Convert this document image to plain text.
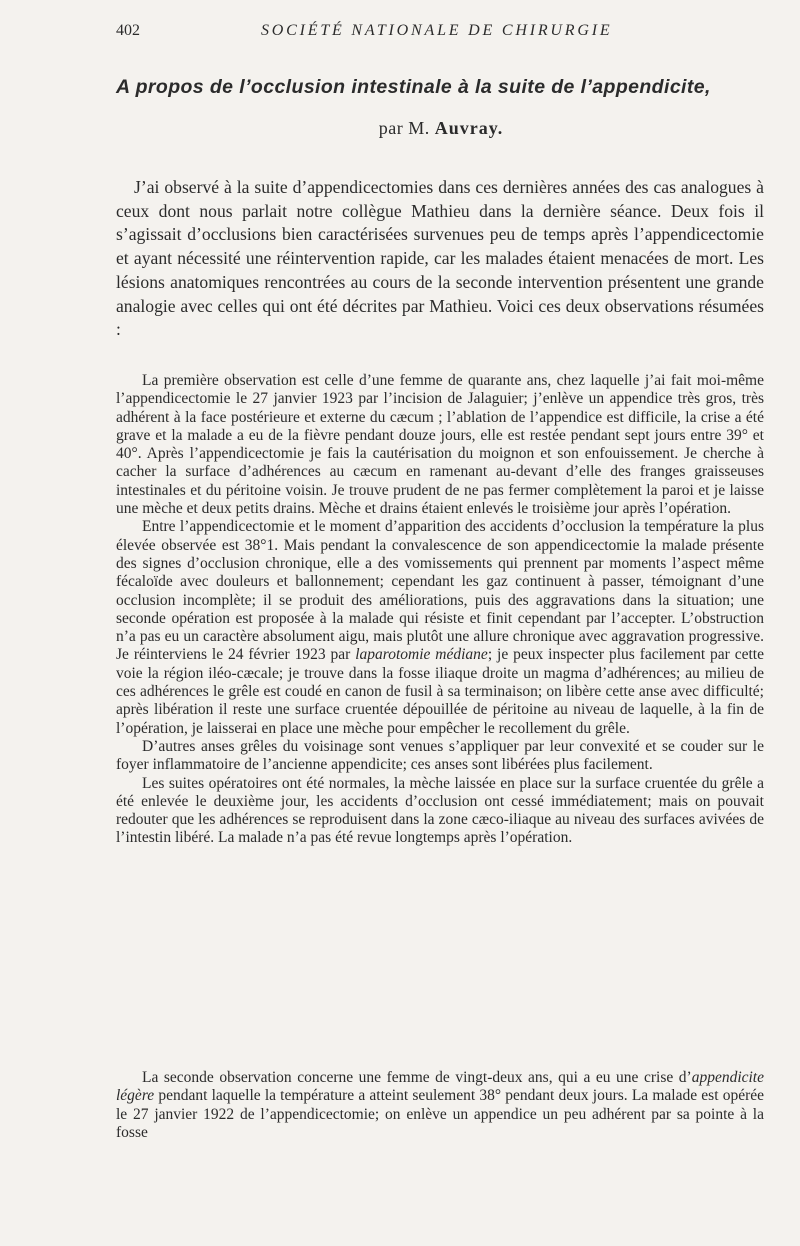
402	SOCIÉTÉ NATIONALE DE CHIRURGIE
A propos de l’occlusion intestinale à la suite de l’appendicite,
par M. Auvray.
J’ai observé à la suite d’appendicectomies dans ces dernières années des cas analogues à ceux dont nous parlait notre collègue Mathieu dans la dernière séance. Deux fois il s’agissait d’occlusions bien caractérisées survenues peu de temps après l’appendicectomie et ayant nécessité une réintervention rapide, car les malades étaient menacées de mort. Les lésions anatomiques rencontrées au cours de la seconde intervention présentent une grande analogie avec celles qui ont été décrites par Mathieu. Voici ces deux observations résumées :

La première observation est celle d’une femme de quarante ans, chez laquelle j’ai fait moi-même l’appendicectomie le 27 janvier 1923 par l’incision de Jalaguier; j’enlève un appendice très gros, très adhérent à la face postérieure et externe du cæcum ; l’ablation de l’appendice est difficile, la crise a été grave et la malade a eu de la fièvre pendant douze jours, elle est restée pendant sept jours entre 39° et 40°. Après l’appendicectomie je fais la cautérisation du moignon et son enfouissement. Je cherche à cacher la surface d’adhérences au cæcum en ramenant au-devant d’elle des franges graisseuses intestinales et du péritoine voisin. Je trouve prudent de ne pas fermer complètement la paroi et je laisse une mèche et deux petits drains. Mèche et drains étaient enlevés le troisième jour après l’opération.

Entre l’appendicectomie et le moment d’apparition des accidents d’occlusion la température la plus élevée observée est 38°1. Mais pendant la convalescence de son appendicectomie la malade présente des signes d’occlusion chronique, elle a des vomissements qui prennent par moments l’aspect même fécaloïde avec douleurs et ballonnement; cependant les gaz continuent à passer, témoignant d’une occlusion incomplète; il se produit des améliorations, puis des aggravations dans la situation; une seconde opération est proposée à la malade qui résiste et finit cependant par l’accepter. L’obstruction n’a pas eu un caractère absolument aigu, mais plutôt une allure chronique avec aggravation progressive. Je réinterviens le 24 février 1923 par laparotomie médiane; je peux inspecter plus facilement par cette voie la région iléo-cæcale; je trouve dans la fosse iliaque droite un magma d’adhérences; au milieu de ces adhérences le grêle est coudé en canon de fusil à sa terminaison; on libère cette anse avec difficulté; après libération il reste une surface cruentée dépouillée de péritoine au niveau de laquelle, à la fin de l’opération, je laisserai en place une mèche pour empêcher le recollement du grêle.

D’autres anses grêles du voisinage sont venues s’appliquer par leur convexité et se couder sur le foyer inflammatoire de l’ancienne appendicite; ces anses sont libérées plus facilement.

Les suites opératoires ont été normales, la mèche laissée en place sur la surface cruentée du grêle a été enlevée le deuxième jour, les accidents d’occlusion ont cessé immédiatement; mais on pouvait redouter que les adhérences se reproduisent dans la zone cæco-iliaque au niveau des surfaces avivées de l’intestin libéré. La malade n’a pas été revue longtemps après l’opération.

La seconde observation concerne une femme de vingt-deux ans, qui a eu une crise d’appendicite légère pendant laquelle la température a atteint seulement 38° pendant deux jours. La malade est opérée le 27 janvier 1922 de l’appendicectomie; on enlève un appendice un peu adhérent par sa pointe à la fosse
